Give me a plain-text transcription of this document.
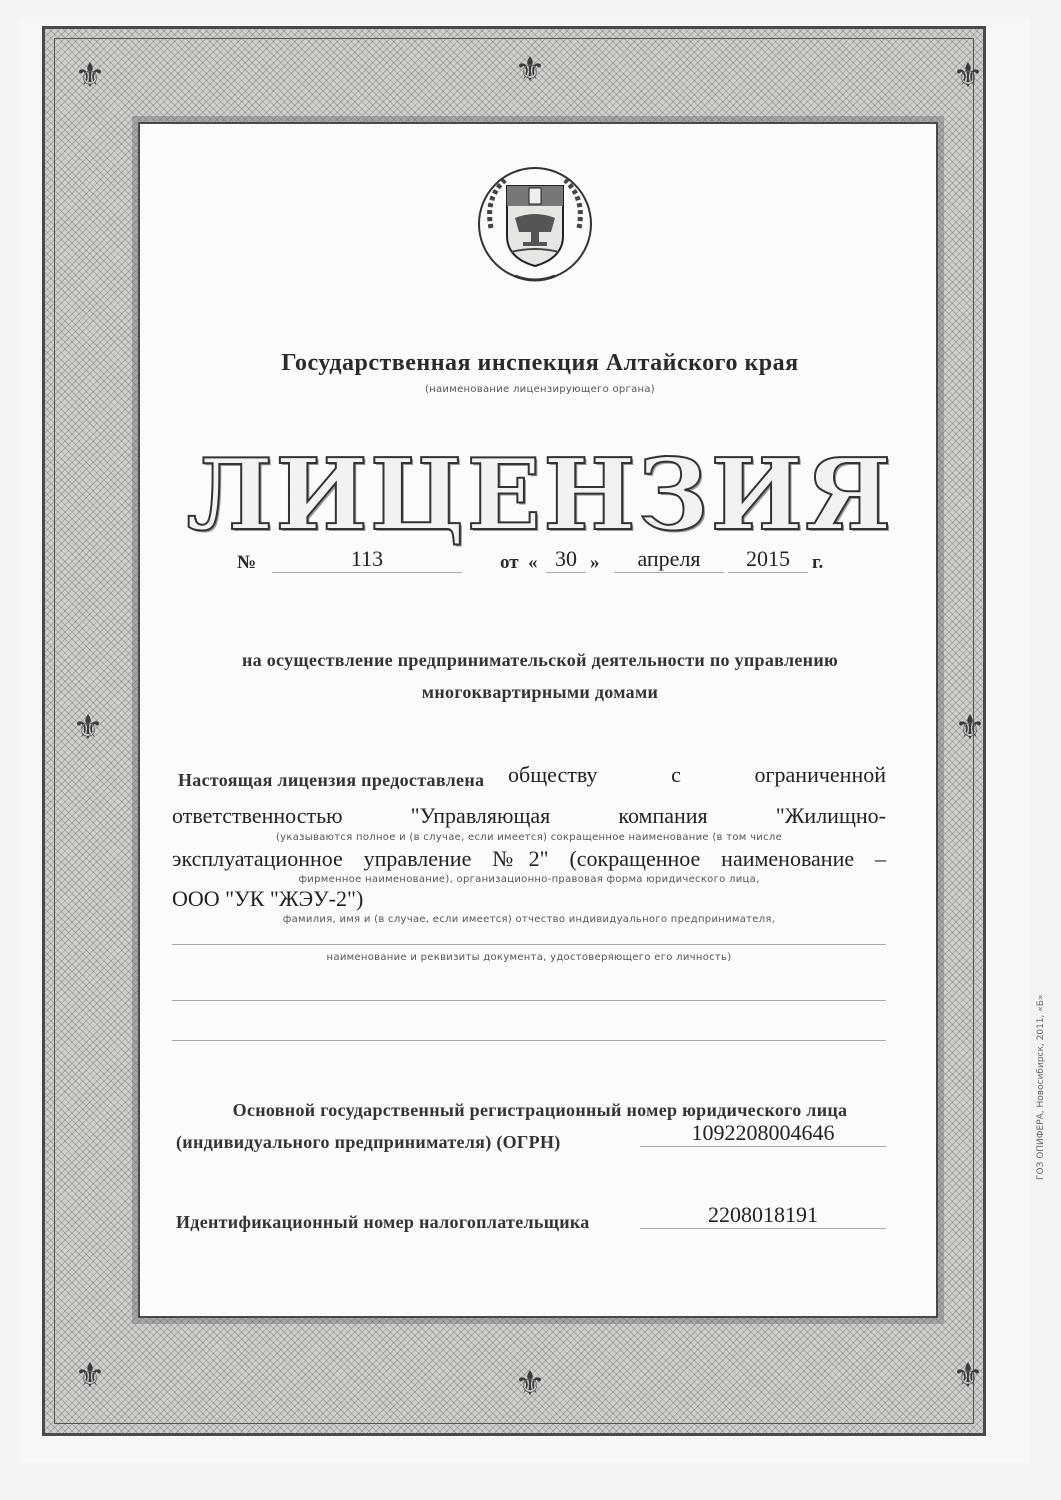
⚜	⚜
⚜	⚜
⚜
⚜
⚜	⚜
Государственная инспекция Алтайского края
(наименование лицензирующего органа)
ЛИЦЕНЗИЯ
№	113	от « 30 »	апреля	2015	г.
на осуществление предпринимательской деятельности по управлению
многоквартирными домами
Настоящая лицензия предоставлена обществу с ограниченной
ответственностью "Управляющая компания "Жилищно-
(указываются полное и (в случае, если имеется) сокращенное наименование (в том числе
эксплуатационное управление №2" (сокращенное наименование –
фирменное наименование), организационно-правовая форма юридического лица,
ООО "УК "ЖЭУ-2")
фамилия, имя и (в случае, если имеется) отчество индивидуального предпринимателя,
наименование и реквизиты документа, удостоверяющего его личность)
Основной государственный регистрационный номер юридического лица
(индивидуального предпринимателя) (ОГРН)	1092208004646
Идентификационный номер налогоплательщика	2208018191
ГОЗ ОПИФЕРА, Новосибирск, 2011, «Б»
